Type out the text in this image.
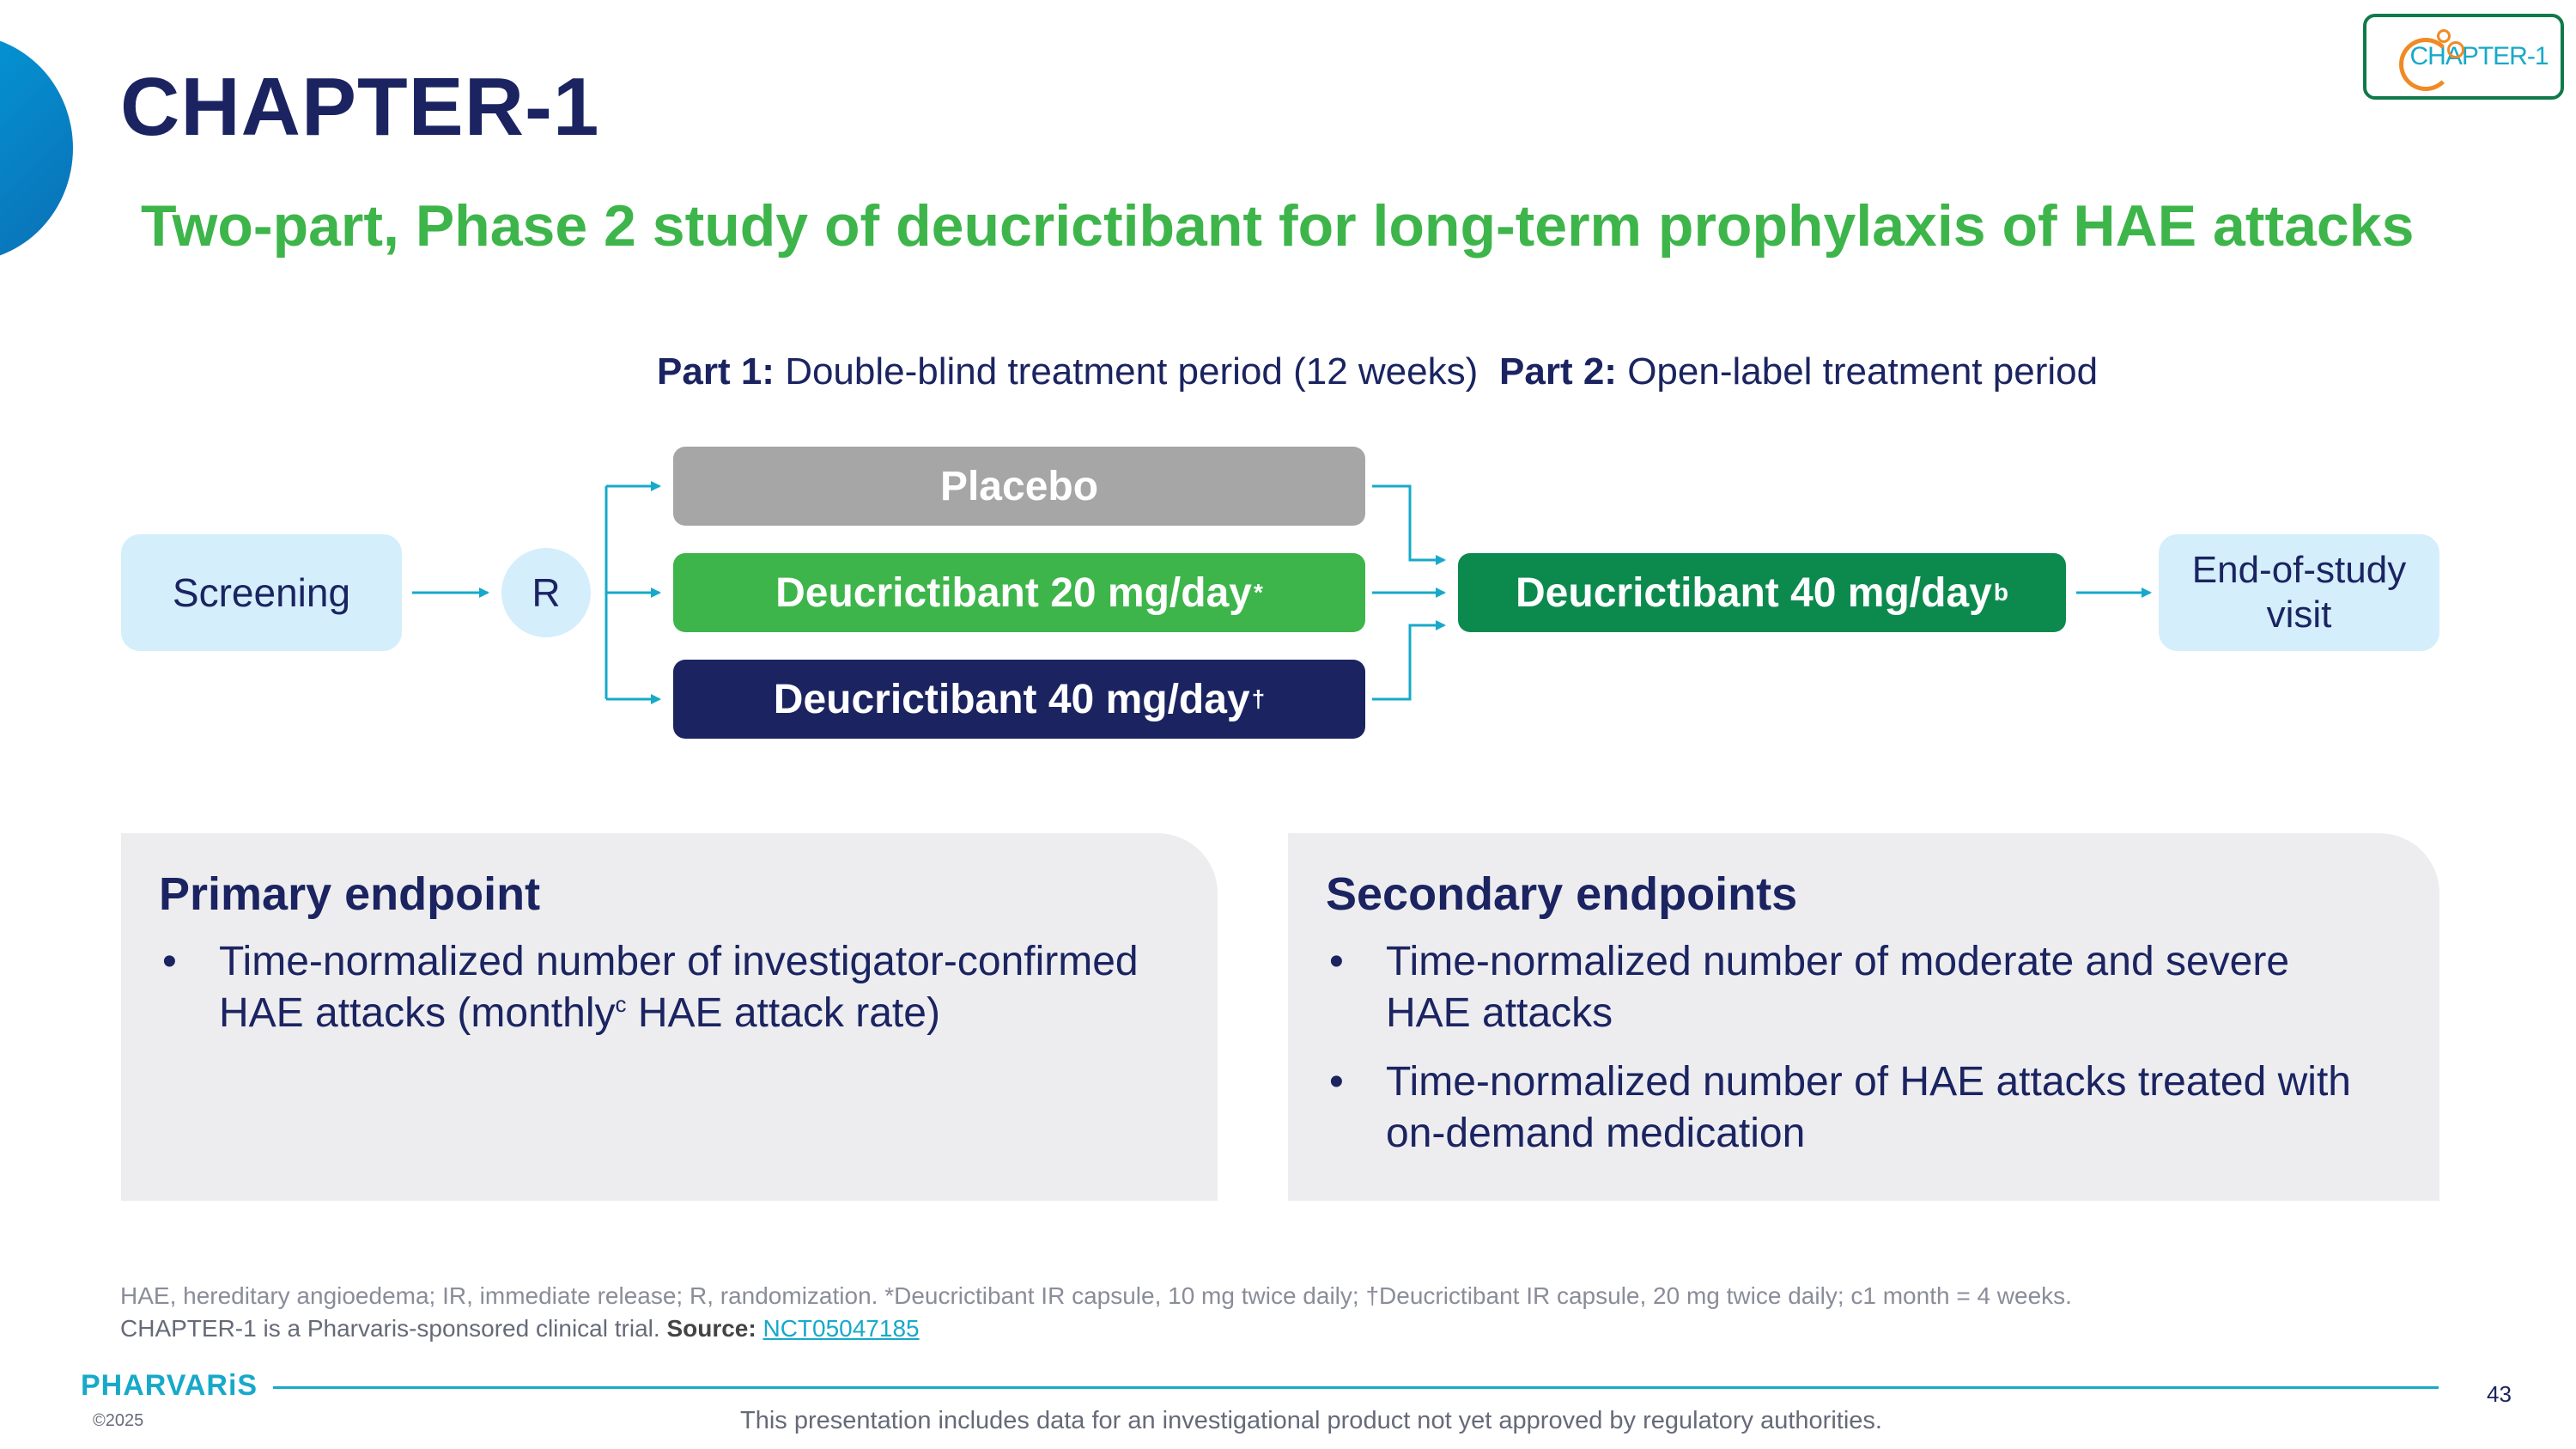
CHAPTER-1
Two-part, Phase 2 study of deucrictibant for long-term prophylaxis of HAE attacks
CHAPTER-1
Part 1: Double-blind treatment period (12 weeks) Part 2: Open-label treatment period
Screening	R
Placebo
Deucrictibant 20 mg/day *
Deucrictibant 40 mg/day †
Deucrictibant 40 mg/day b
End-of-study
visit
Primary endpoint
• Time-normalized number of investigator-confirmed HAE attacks (monthly$^c$ HAE attack rate)
Secondary endpoints
• Time-normalized number of moderate and severe HAE attacks
• Time-normalized number of HAE attacks treated with on-demand medication
HAE, hereditary angioedema; IR, immediate release; R, randomization. *Deucrictibant IR capsule, 10 mg twice daily; †Deucrictibant IR capsule, 20 mg twice daily; c1 month = 4 weeks.
CHAPTER-1 is a Pharvaris-sponsored clinical trial. Source: NCT05047185
PHARVARiS
©2025	This presentation includes data for an investigational product not yet approved by regulatory authorities.
43
